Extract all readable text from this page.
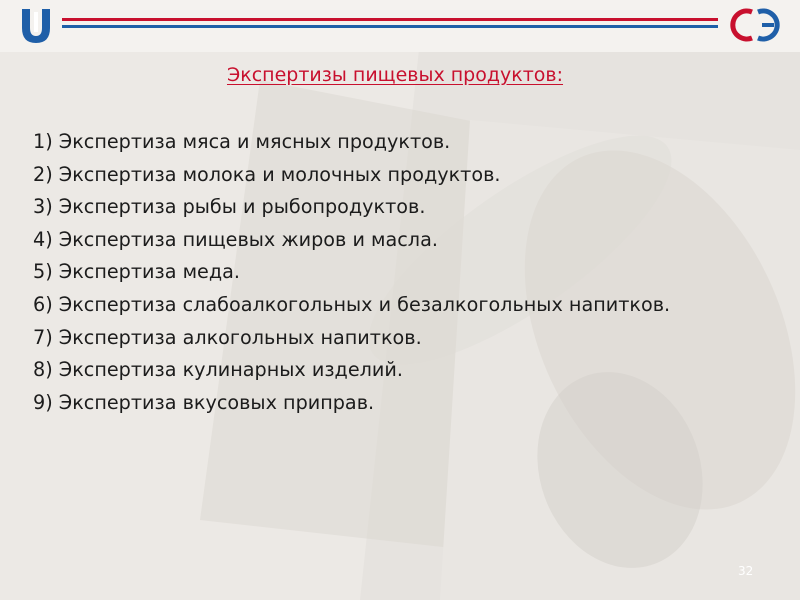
Экспертизы пищевых продуктов:

1) Экспертиза мяса и мясных продуктов.

2) Экспертиза молока и молочных продуктов.

3) Экспертиза рыбы и рыбопродуктов.

4) Экспертиза пищевых жиров и масла.

5) Экспертиза меда.

6) Экспертиза слабоалкогольных и безалкогольных напитков.

7) Экспертиза алкогольных напитков.

8) Экспертиза кулинарных изделий.

9) Экспертиза вкусовых приправ.

32
